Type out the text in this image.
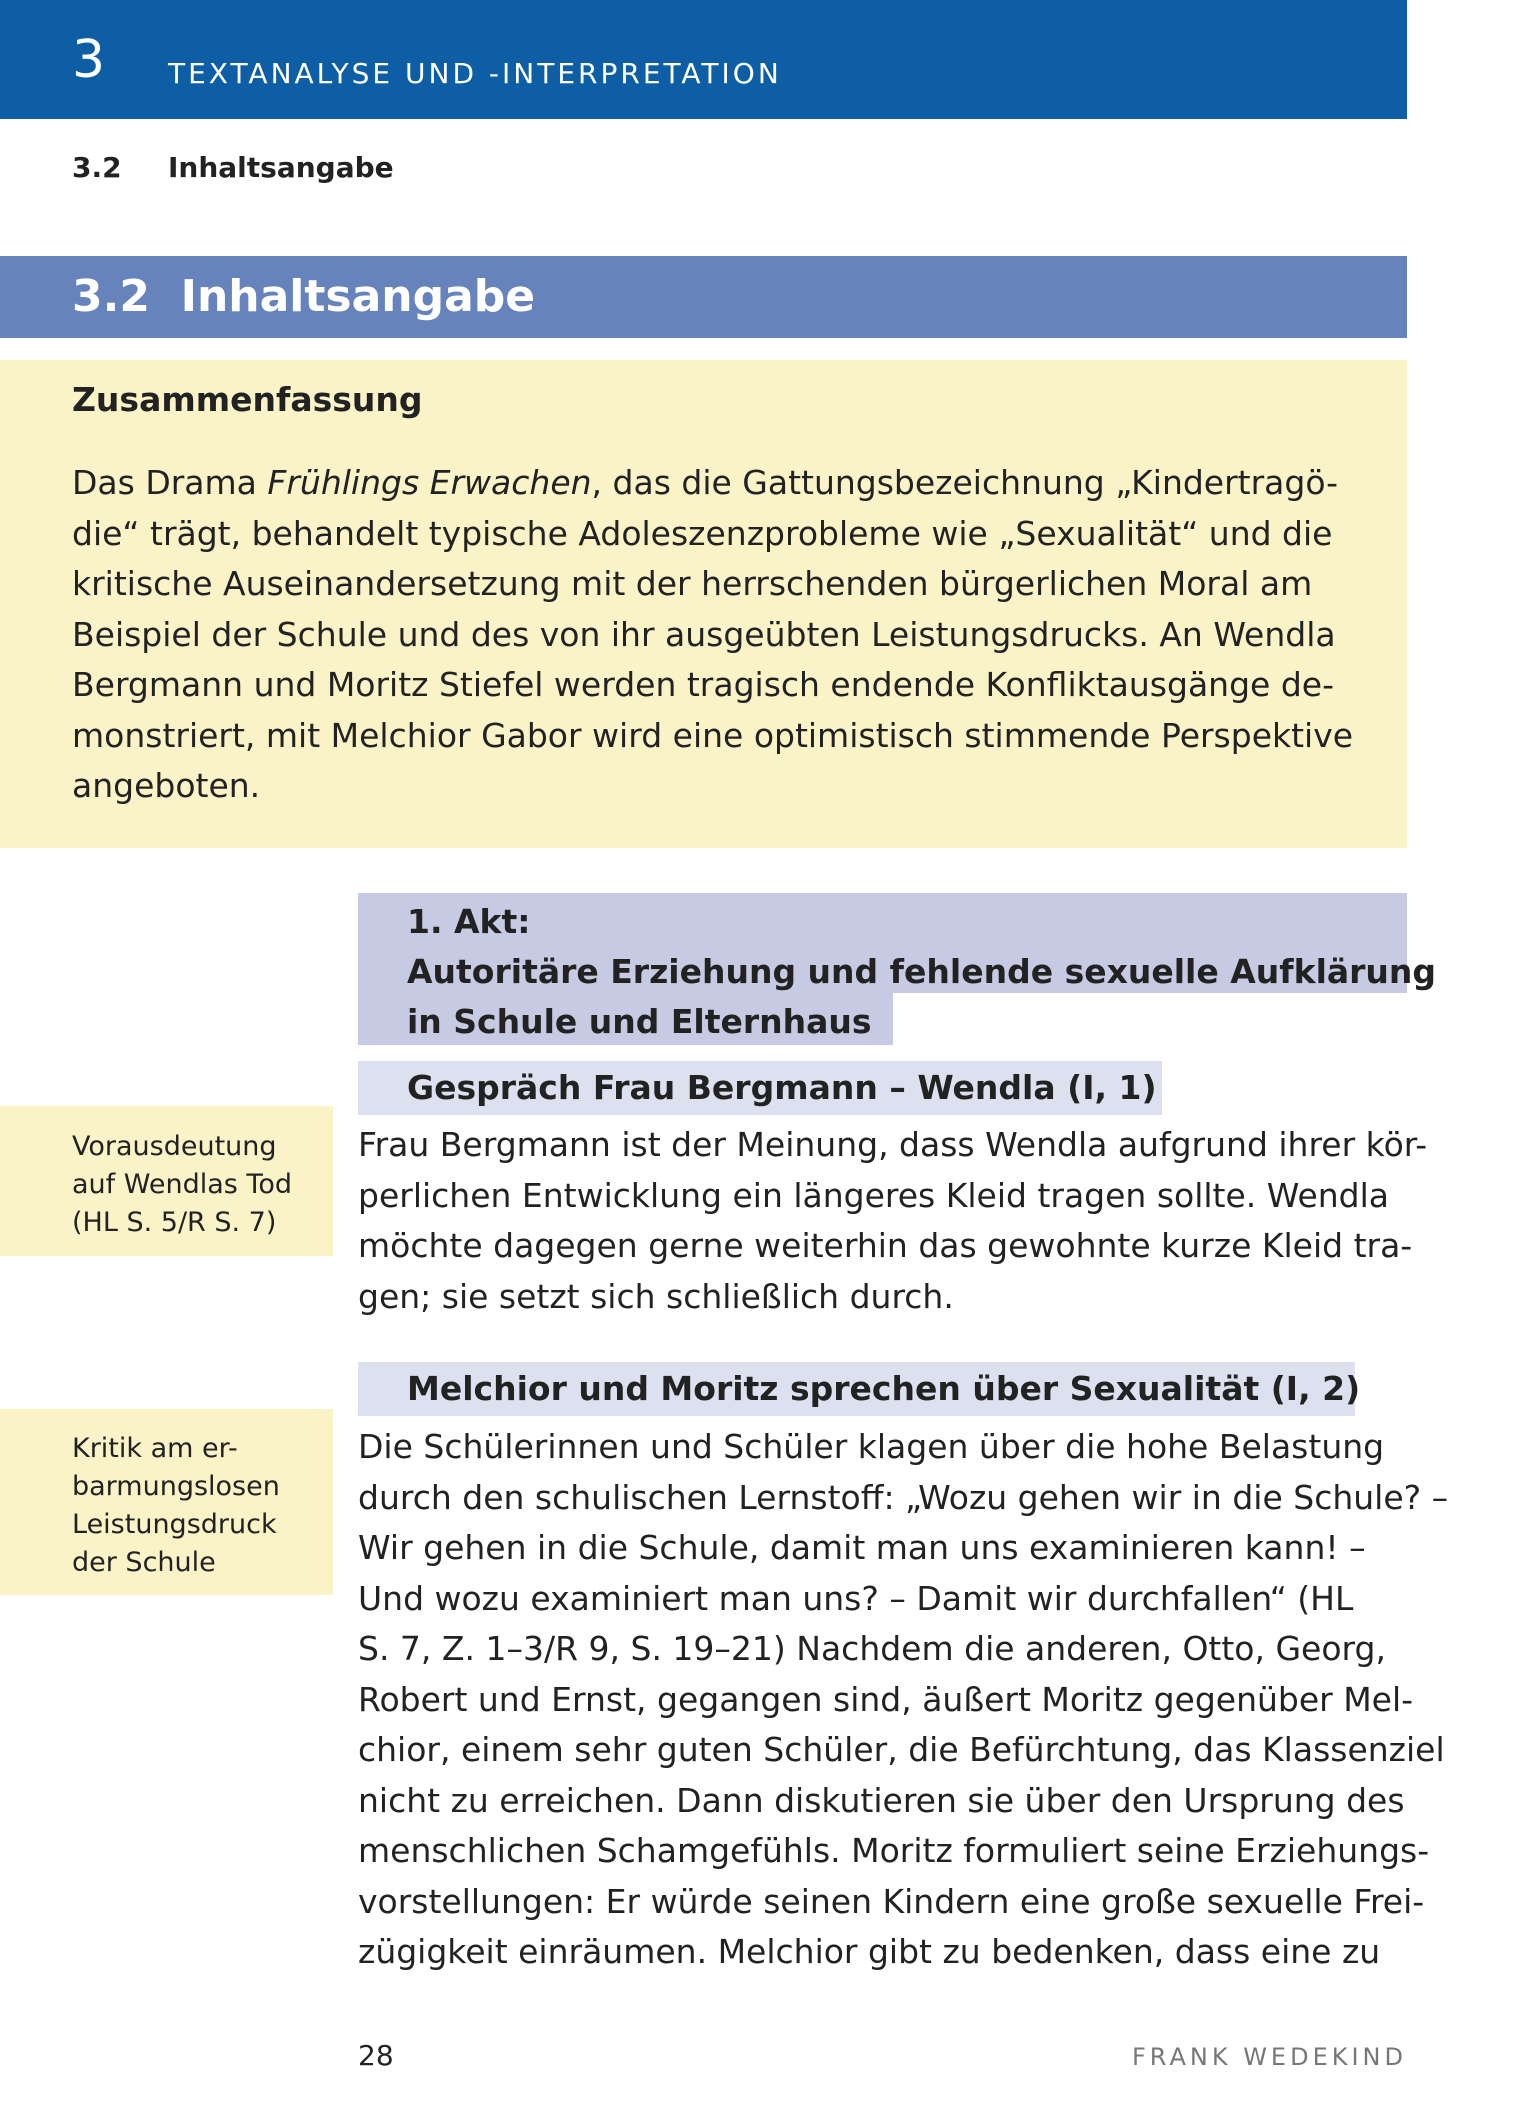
3 TEXTANALYSE UND -INTERPRETATION
3.2 Inhaltsangabe
3.2  Inhaltsangabe
Zusammenfassung
Das Drama Frühlings Erwachen, das die Gattungsbezeichnung „Kindertragö-
die“ trägt, behandelt typische Adoleszenzprobleme wie „Sexualität“ und die
kritische Auseinandersetzung mit der herrschenden bürgerlichen Moral am
Beispiel der Schule und des von ihr ausgeübten Leistungsdrucks. An Wendla
Bergmann und Moritz Stiefel werden tragisch endende Konfliktausgänge de-
monstriert, mit Melchior Gabor wird eine optimistisch stimmende Perspektive
angeboten.
1. Akt:
Autoritäre Erziehung und fehlende sexuelle Aufklärung
in Schule und Elternhaus
Gespräch Frau Bergmann – Wendla (I, 1)
Frau Bergmann ist der Meinung, dass Wendla aufgrund ihrer kör-
perlichen Entwicklung ein längeres Kleid tragen sollte. Wendla
möchte dagegen gerne weiterhin das gewohnte kurze Kleid tra-
gen; sie setzt sich schließlich durch.
Vorausdeutung
auf Wendlas Tod
(HL S. 5/R S. 7)
Melchior und Moritz sprechen über Sexualität (I, 2)
Die Schülerinnen und Schüler klagen über die hohe Belastung
durch den schulischen Lernstoff: „Wozu gehen wir in die Schule? –
Wir gehen in die Schule, damit man uns examinieren kann! –
Und wozu examiniert man uns? – Damit wir durchfallen“ (HL
S. 7, Z. 1–3/R 9, S. 19–21) Nachdem die anderen, Otto, Georg,
Robert und Ernst, gegangen sind, äußert Moritz gegenüber Mel-
chior, einem sehr guten Schüler, die Befürchtung, das Klassenziel
nicht zu erreichen. Dann diskutieren sie über den Ursprung des
menschlichen Schamgefühls. Moritz formuliert seine Erziehungs-
vorstellungen: Er würde seinen Kindern eine große sexuelle Frei-
zügigkeit einräumen. Melchior gibt zu bedenken, dass eine zu
Kritik am er-
barmungslosen
Leistungsdruck
der Schule
28	FRANK WEDEKIND
